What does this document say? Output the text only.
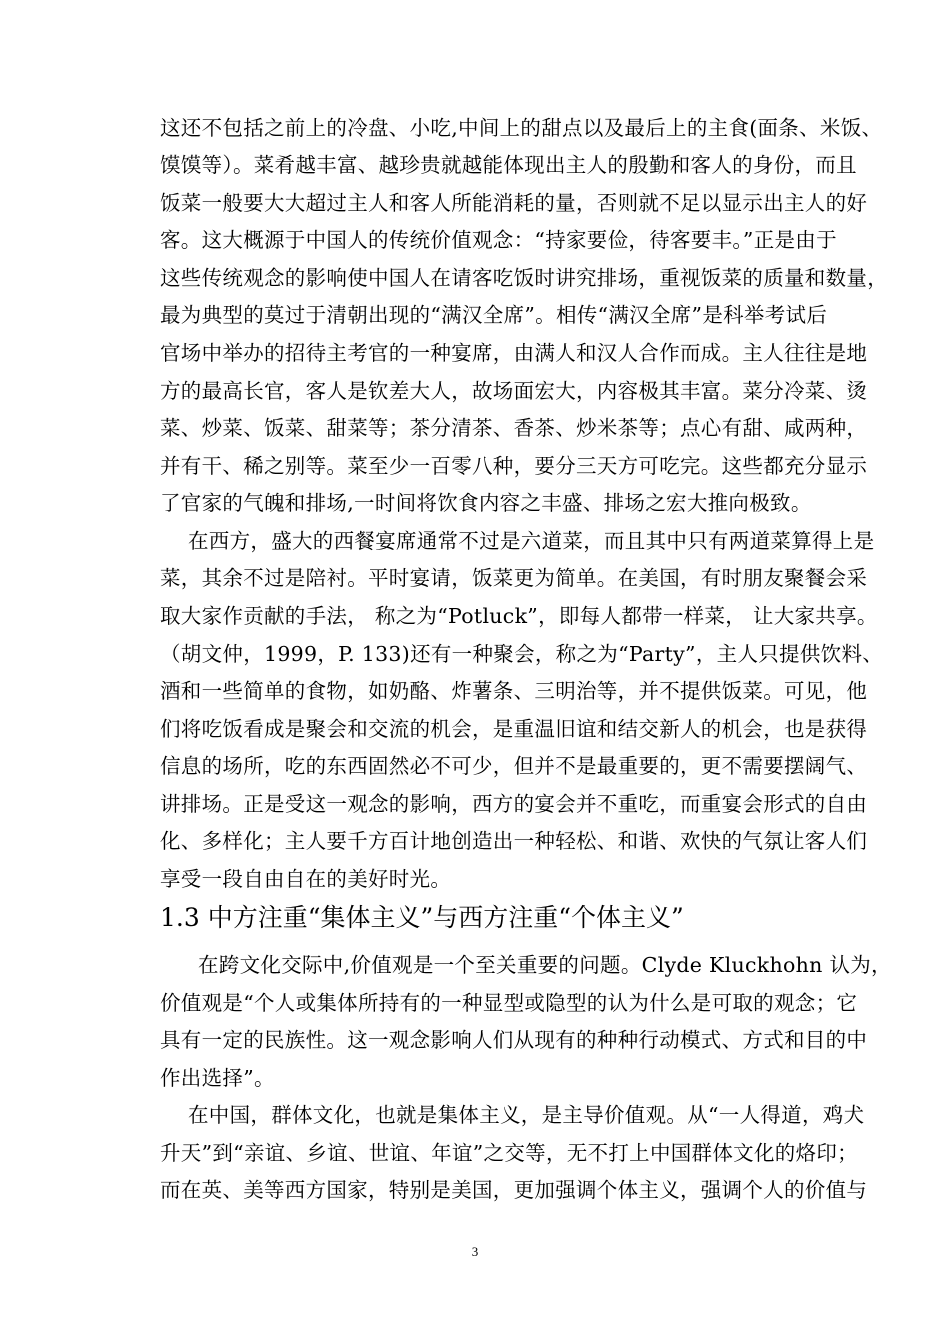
这还不包括之前上的冷盘、小吃,中间上的甜点以及最后上的主食(面条、米饭、
馍馍等）。菜肴越丰富、越珍贵就越能体现出主人的殷勤和客人的身份，而且
饭菜一般要大大超过主人和客人所能消耗的量，否则就不足以显示出主人的好
客。这大概源于中国人的传统价值观念：“持家要俭，待客要丰。”正是由于
这些传统观念的影响使中国人在请客吃饭时讲究排场，重视饭菜的质量和数量，
最为典型的莫过于清朝出现的“满汉全席”。相传“满汉全席”是科举考试后
官场中举办的招待主考官的一种宴席，由满人和汉人合作而成。主人往往是地
方的最高长官，客人是钦差大人，故场面宏大，内容极其丰富。菜分冷菜、烫
菜、炒菜、饭菜、甜菜等；茶分清茶、香茶、炒米茶等；点心有甜、咸两种，
并有干、稀之别等。菜至少一百零八种，要分三天方可吃完。这些都充分显示
了官家的气魄和排场,一时间将饮食内容之丰盛、排场之宏大推向极致。
在西方，盛大的西餐宴席通常不过是六道菜，而且其中只有两道菜算得上是
菜，其余不过是陪衬。平时宴请，饭菜更为简单。在美国，有时朋友聚餐会采
取大家作贡献的手法， 称之为“Potluck”，即每人都带一样菜， 让大家共享。
（胡文仲，1999，P. 133)还有一种聚会，称之为“Party”，主人只提供饮料、
酒和一些简单的食物，如奶酪、炸薯条、三明治等，并不提供饭菜。可见，他
们将吃饭看成是聚会和交流的机会，是重温旧谊和结交新人的机会，也是获得
信息的场所，吃的东西固然必不可少，但并不是最重要的，更不需要摆阔气、
讲排场。正是受这一观念的影响，西方的宴会并不重吃，而重宴会形式的自由
化、多样化；主人要千方百计地创造出一种轻松、和谐、欢快的气氛让客人们
享受一段自由自在的美好时光。
1.3 中方注重“集体主义”与西方注重“个体主义”
在跨文化交际中,价值观是一个至关重要的问题。Clyde Kluckhohn 认为，
价值观是“个人或集体所持有的一种显型或隐型的认为什么是可取的观念；它
具有一定的民族性。这一观念影响人们从现有的种种行动模式、方式和目的中
作出选择”。
在中国，群体文化，也就是集体主义，是主导价值观。从“一人得道，鸡犬
升天”到“亲谊、乡谊、世谊、年谊”之交等，无不打上中国群体文化的烙印；
而在英、美等西方国家，特别是美国，更加强调个体主义，强调个人的价值与
3
